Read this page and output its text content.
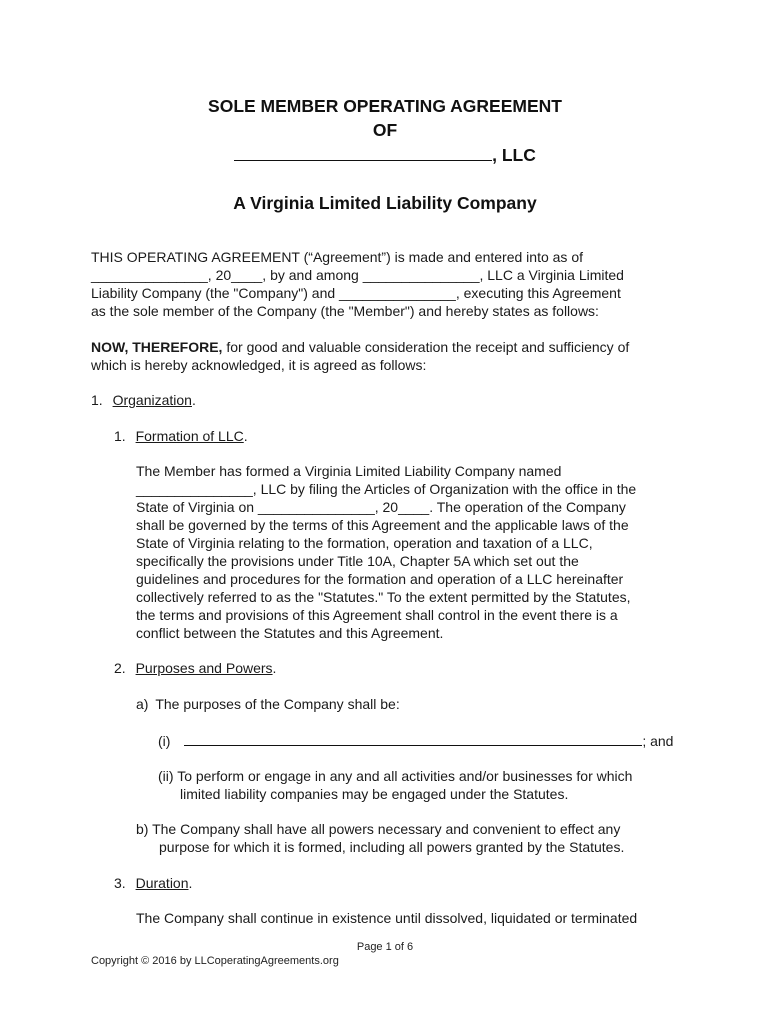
SOLE MEMBER OPERATING AGREEMENT
OF
, LLC
A Virginia Limited Liability Company
THIS OPERATING AGREEMENT (“Agreement”) is made and entered into as of
_______________, 20____, by and among _______________, LLC a Virginia Limited
Liability Company (the "Company") and _______________, executing this Agreement
as the sole member of the Company (the "Member") and hereby states as follows:
NOW, THEREFORE, for good and valuable consideration the receipt and sufficiency of
which is hereby acknowledged, it is agreed as follows:
1. Organization.
1. Formation of LLC.
The Member has formed a Virginia Limited Liability Company named
_______________, LLC by filing the Articles of Organization with the office in the
State of Virginia on _______________, 20____. The operation of the Company
shall be governed by the terms of this Agreement and the applicable laws of the
State of Virginia relating to the formation, operation and taxation of a LLC,
specifically the provisions under Title 10A, Chapter 5A which set out the
guidelines and procedures for the formation and operation of a LLC hereinafter
collectively referred to as the "Statutes." To the extent permitted by the Statutes,
the terms and provisions of this Agreement shall control in the event there is a
conflict between the Statutes and this Agreement.
2. Purposes and Powers.
a) The purposes of the Company shall be:
(i)	; and
(ii) To perform or engage in any and all activities and/or businesses for which
limited liability companies may be engaged under the Statutes.
b) The Company shall have all powers necessary and convenient to effect any
purpose for which it is formed, including all powers granted by the Statutes.
3. Duration.
The Company shall continue in existence until dissolved, liquidated or terminated
Page 1 of 6
Copyright © 2016 by LLCoperatingAgreements.org
